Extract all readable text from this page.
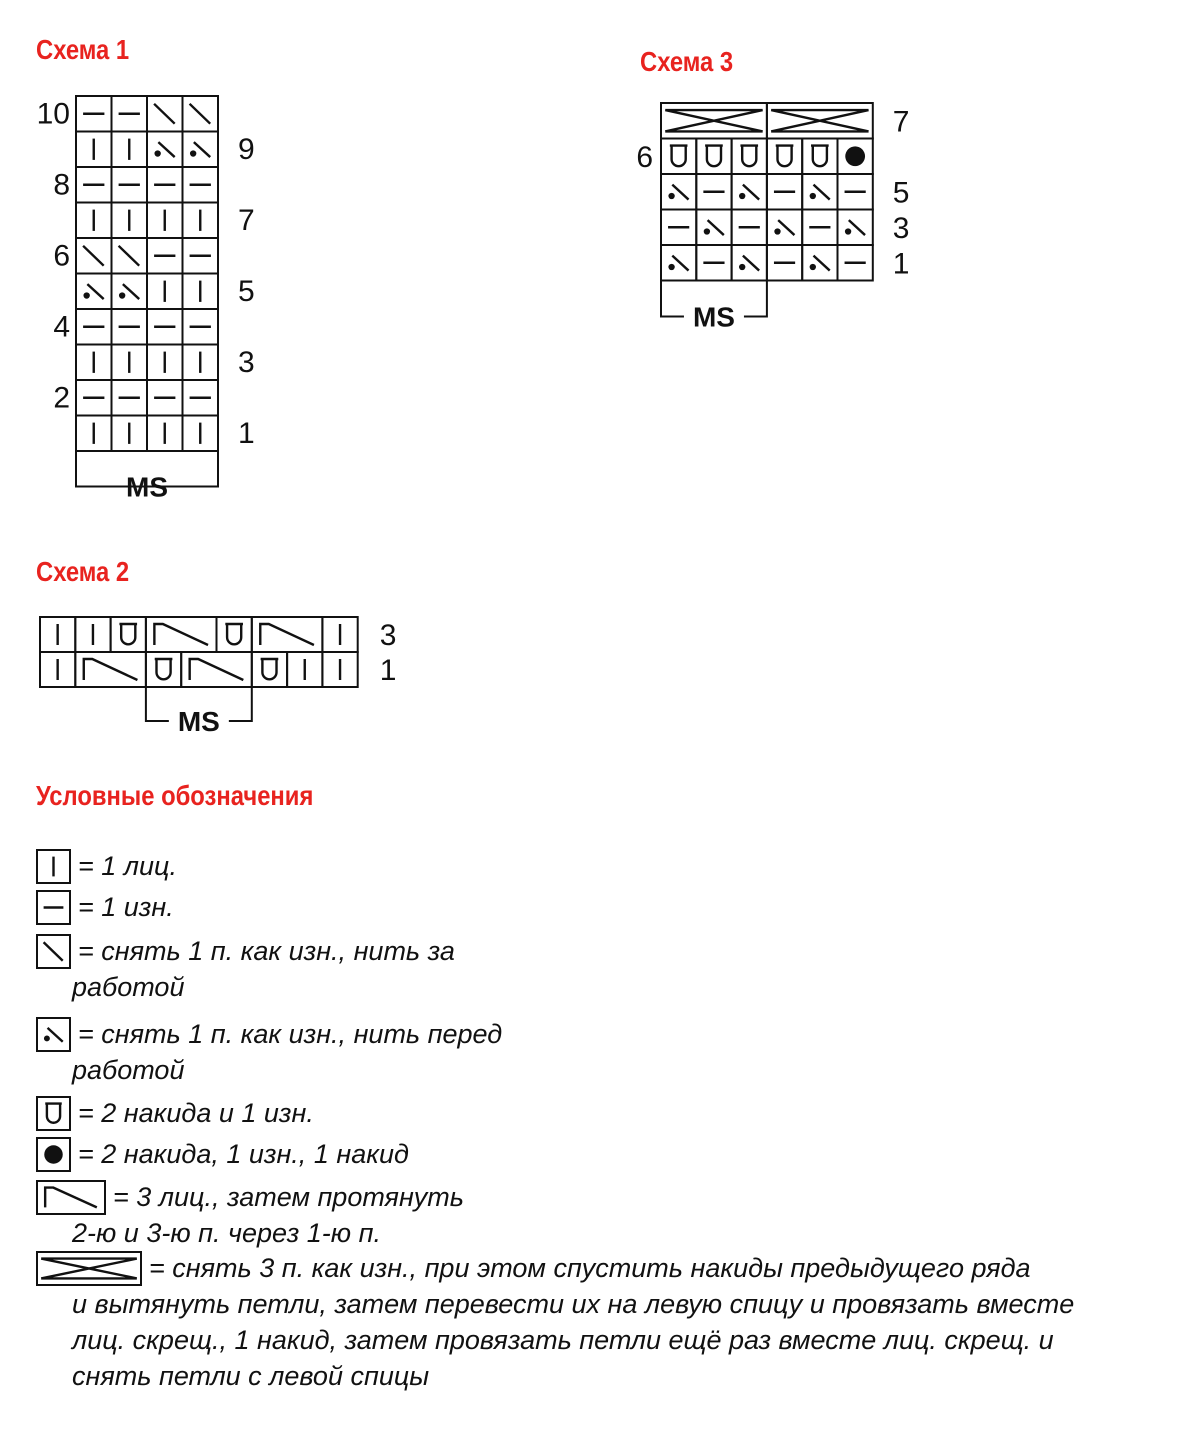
Схема 1	Схема 3
Схема 2
Условные обозначения
10
9
8
7
6
5
4
3
2
1
MS
3
1
MS
7
6
5
3
1
MS
= 1 лиц.
= 1 изн.
= снять 1 п. как изн., нить за
работой
= снять 1 п. как изн., нить перед
работой
= 2 накида и 1 изн.
= 2 накида, 1 изн., 1 накид
= 3 лиц., затем протянуть
2-ю и 3-ю п. через 1-ю п.
= снять 3 п. как изн., при этом спустить накиды предыдущего ряда
и вытянуть петли, затем перевести их на левую спицу и провязать вместе
лиц. скрещ., 1 накид, затем провязать петли ещё раз вместе лиц. скрещ. и
снять петли с левой спицы
